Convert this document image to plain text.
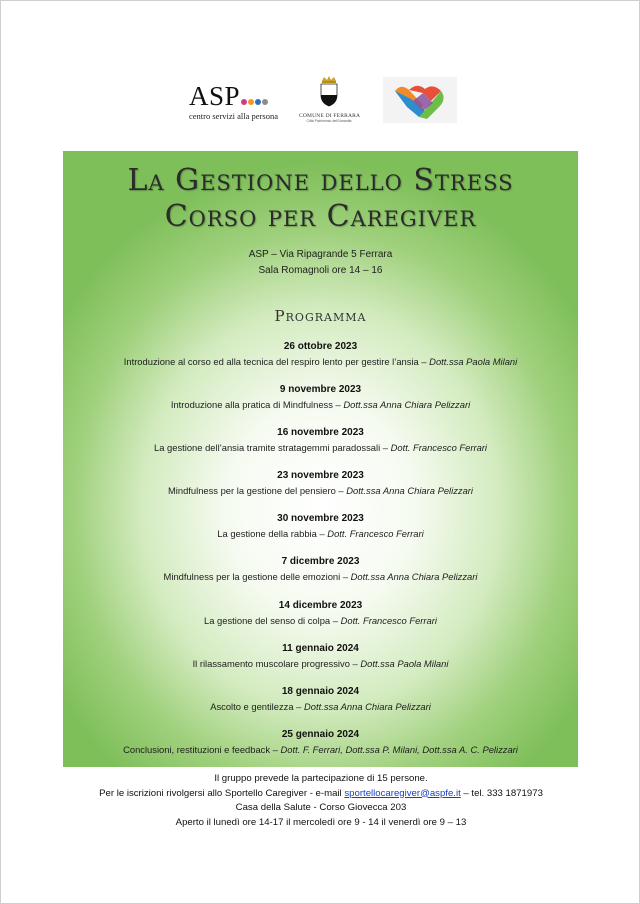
ASP
centro servizi alla persona	COMUNE DI FERRARA
Città Patrimonio dell'Umanità
La Gestione dello Stress
Corso per Caregiver
ASP – Via Ripagrande 5 Ferrara
Sala Romagnoli ore 14 – 16
Programma
26 ottobre 2023
Introduzione al corso ed alla tecnica del respiro lento per gestire l’ansia – Dott.ssa Paola Milani
9 novembre 2023
Introduzione alla pratica di Mindfulness – Dott.ssa Anna Chiara Pelizzari
16 novembre 2023
La gestione dell’ansia tramite stratagemmi paradossali – Dott. Francesco Ferrari
23 novembre 2023
Mindfulness per la gestione del pensiero – Dott.ssa Anna Chiara Pelizzari
30 novembre 2023
La gestione della rabbia – Dott. Francesco Ferrari
7 dicembre 2023
Mindfulness per la gestione delle emozioni – Dott.ssa Anna Chiara Pelizzari
14 dicembre 2023
La gestione del senso di colpa – Dott. Francesco Ferrari
11 gennaio 2024
Il rilassamento muscolare progressivo – Dott.ssa Paola Milani
18 gennaio 2024
Ascolto e gentilezza – Dott.ssa Anna Chiara Pelizzari
25 gennaio 2024
Conclusioni, restituzioni e feedback – Dott. F. Ferrari, Dott.ssa P. Milani, Dott.ssa A. C. Pelizzari
Il gruppo prevede la partecipazione di 15 persone.
Per le iscrizioni rivolgersi allo Sportello Caregiver - e-mail sportellocaregiver@aspfe.it – tel. 333 1871973
Casa della Salute - Corso Giovecca 203
Aperto il lunedì ore 14-17 il mercoledì ore 9 - 14 il venerdì ore 9 – 13
